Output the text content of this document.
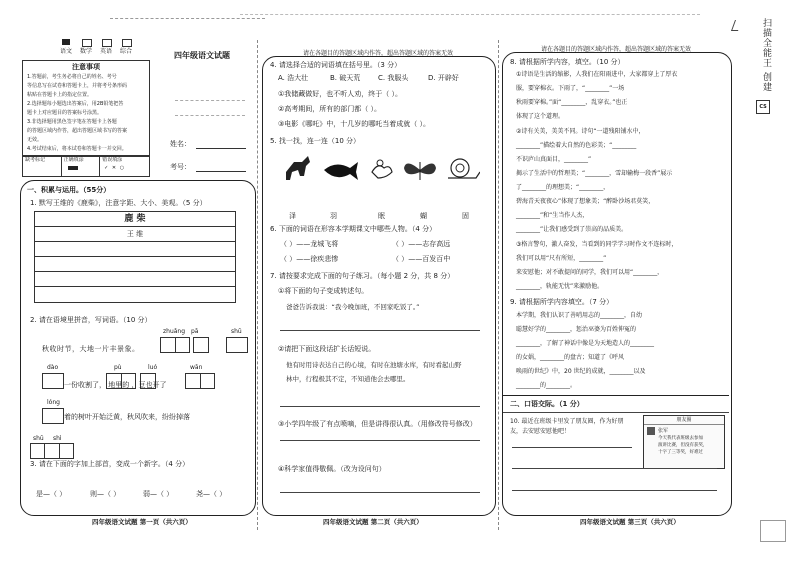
语文 数学 英语 综合
注意事项
1.答题前，考生务必将自己的姓名、考号
等信息写在试卷和答题卡上，并将考号条形码
粘贴在答题卡上的指定位置。
2.选择题每小题选出答案后，用2B铅笔把答
题卡上对应题目的答案标号涂黑。
3.非选择题用黑色签字笔在答题卡上各题
的答题区域内作答，超出答题区域书写的答案
无效。
4.考试结束后，将本试卷和答题卡一并交回。
缺考标记	正确填涂	错误填涂
✓ ✕ ○
四年级语文试题
姓名：
考号：
一、积累与运用。（55分）
1. 默写王维的《鹿柴》，注意字距、大小、美观。（5 分）
鹿 柴
王 维
2. 请在语境里拼音，写词语。（10 分）
zhuǎng pā	shū
秋收时节，大地一片丰景象。
dào	pù	luó	wān
一份收割了， 地里的 ，豆也开了
lóng
着的树叶开始泛黄，秋风吹来，纷纷掉落
shū shì
3. 请在下面的字加上部首，变成一个新字。（4 分）
是—（ ）	则—（ ）	弱—（ ）	尧—（ ）
四年级语文试题 第一页（共六页）
请在各题目的答题区域内作答，超出答题区域的答案无效
4. 请选择合适的词语填在括号里。（3 分）
A. 浩大壮	B. 破天荒	C. 我服头	D. 开辟好
①我储藏做好，也不听人劝，终于（ ）。
②高考期间，所有的部门都（ ）。
③电影《哪吒》中，十几岁的哪吒当着成就（ ）。
5. 找一找，连一连（10 分）
泽	羽	眠	蝴	固
6. 下面的词语在形容本学期课文中哪些人物。（4 分）
（ ）——龙城飞将	（ ）——志存高远
（ ）——徐疾悲惨	（ ）——百发百中
7. 请按要求完成下面的句子练习。（每小题 2 分，共 8 分）
①将下面的句子变成转述句。
爸爸告诉我说：“我今晚加班，不回家吃饭了。”
②请把下面这段话扩长话短说。
他有时用诗表达自己的心境，有时在池塘水库，有时看起山野
林中，行程极其不定，不知道他会去哪里。
③小学四年级了有点喷嘀，但是讲得很认真。（用修改符号修改）
④科学家值得敬佩。（改为设问句）
四年级语文试题 第二页（共六页）
请在各题目的答题区域内作答，超出答题区域的答案无效
8. 请根据所学内容，填空。（10 分）
①诗语是生活的缩影，人我们在阳雨进中，大家都穿上了厚衣
服，要穿棉衣。下雨了，“________”一场
秋雨要穿棉。”面“________，乱穿衣。”也正
体现了这个道理。
②诗有关美，美美不同。诗句“一道残阳铺水中，
________”描绘着大自然的色彩美；“________
不识庐山真面目，________”
揭示了生活中的哲理美；“________，雪却输梅一段香”展示
了________的理想美；“________，
碧海青天夜夜心”体现了想象美；“醉卧沙场君莫笑，
________”和“生当作人杰，
________”让我们感受到了崇高的品质美。
③格言警句，激人奋发，当看到的同学学习时作文不连标时，
我们可以用“尺有所短，________”
来安慰他；对不敢提问的同学，我们可以用“________，
________，轨能无忧”来激励他。
9. 请根据所学内容填空。（7 分）
本学期，我们认识了善哨用志的________，自幼
聪慧好学的________，惩治巫婆为百姓伸冤的
________，了解了神话中像是为天地造人的________
的女娲，________的盘古；知道了《呼风
唤雨的世纪》中，20 世纪的成就，________以及
________的________。
二、口语交际。（1 分）
10. 最近在班级卡里发了朋友圈，作为好朋友，去安慰安慰他吧！
朋友圈
张军
今天我代表班级去参加
演讲比赛，但没有获奖，
十字了三等奖，好难过
四年级语文试题 第三页（共六页）
CS
扫描全能王 创建
